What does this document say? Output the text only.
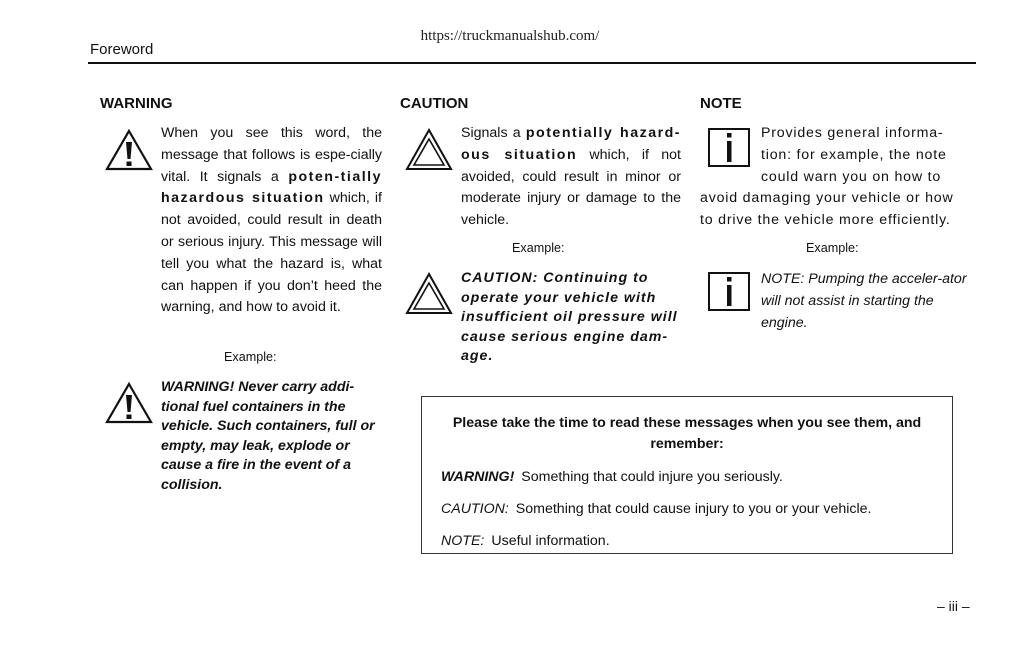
https://truckmanualshub.com/
Foreword
WARNING
When you see this word, the message that follows is espe-cially vital. It signals a poten-tially hazardous situation which, if not avoided, could result in death or serious injury. This message will tell you what the hazard is, what can happen if you don’t heed the warning, and how to avoid it.
Example:
WARNING! Never carry addi-tional fuel containers in the vehicle. Such containers, full or empty, may leak, explode or cause a fire in the event of a collision.
CAUTION
Signals a potentially hazard-ous situation which, if not avoided, could result in minor or moderate injury or damage to the vehicle.
Example:
CAUTION: Continuing to operate your vehicle with insufficient oil pressure will cause serious engine dam-age.
NOTE
Provides general informa-tion: for example, the note could warn you on how to avoid damaging your vehicle or how to drive the vehicle more efficiently.
Example:
NOTE: Pumping the acceler-ator will not assist in starting the engine.
Please take the time to read these messages when you see them, and remember:
WARNING! Something that could injure you seriously.
CAUTION: Something that could cause injury to you or your vehicle.
NOTE: Useful information.
– iii –
